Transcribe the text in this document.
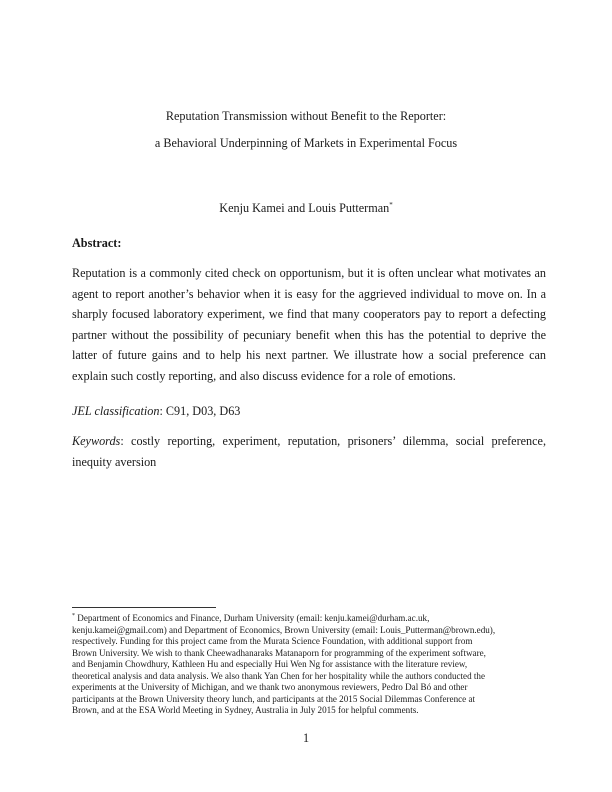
Reputation Transmission without Benefit to the Reporter:
a Behavioral Underpinning of Markets in Experimental Focus
Kenju Kamei and Louis Putterman*
Abstract:
Reputation is a commonly cited check on opportunism, but it is often unclear what motivates an
agent to report another’s behavior when it is easy for the aggrieved individual to move on. In a
sharply focused laboratory experiment, we find that many cooperators pay to report a defecting
partner without the possibility of pecuniary benefit when this has the potential to deprive the
latter of future gains and to help his next partner. We illustrate how a social preference can
explain such costly reporting, and also discuss evidence for a role of emotions.
JEL classification: C91, D03, D63
Keywords: costly reporting, experiment, reputation, prisoners’ dilemma, social preference,
inequity aversion
* Department of Economics and Finance, Durham University (email: kenju.kamei@durham.ac.uk,
kenju.kamei@gmail.com) and Department of Economics, Brown University (email: Louis_Putterman@brown.edu),
respectively. Funding for this project came from the Murata Science Foundation, with additional support from
Brown University. We wish to thank Cheewadhanaraks Matanaporn for programming of the experiment software,
and Benjamin Chowdhury, Kathleen Hu and especially Hui Wen Ng for assistance with the literature review,
theoretical analysis and data analysis. We also thank Yan Chen for her hospitality while the authors conducted the
experiments at the University of Michigan, and we thank two anonymous reviewers, Pedro Dal Bó and other
participants at the Brown University theory lunch, and participants at the 2015 Social Dilemmas Conference at
Brown, and at the ESA World Meeting in Sydney, Australia in July 2015 for helpful comments.
1
